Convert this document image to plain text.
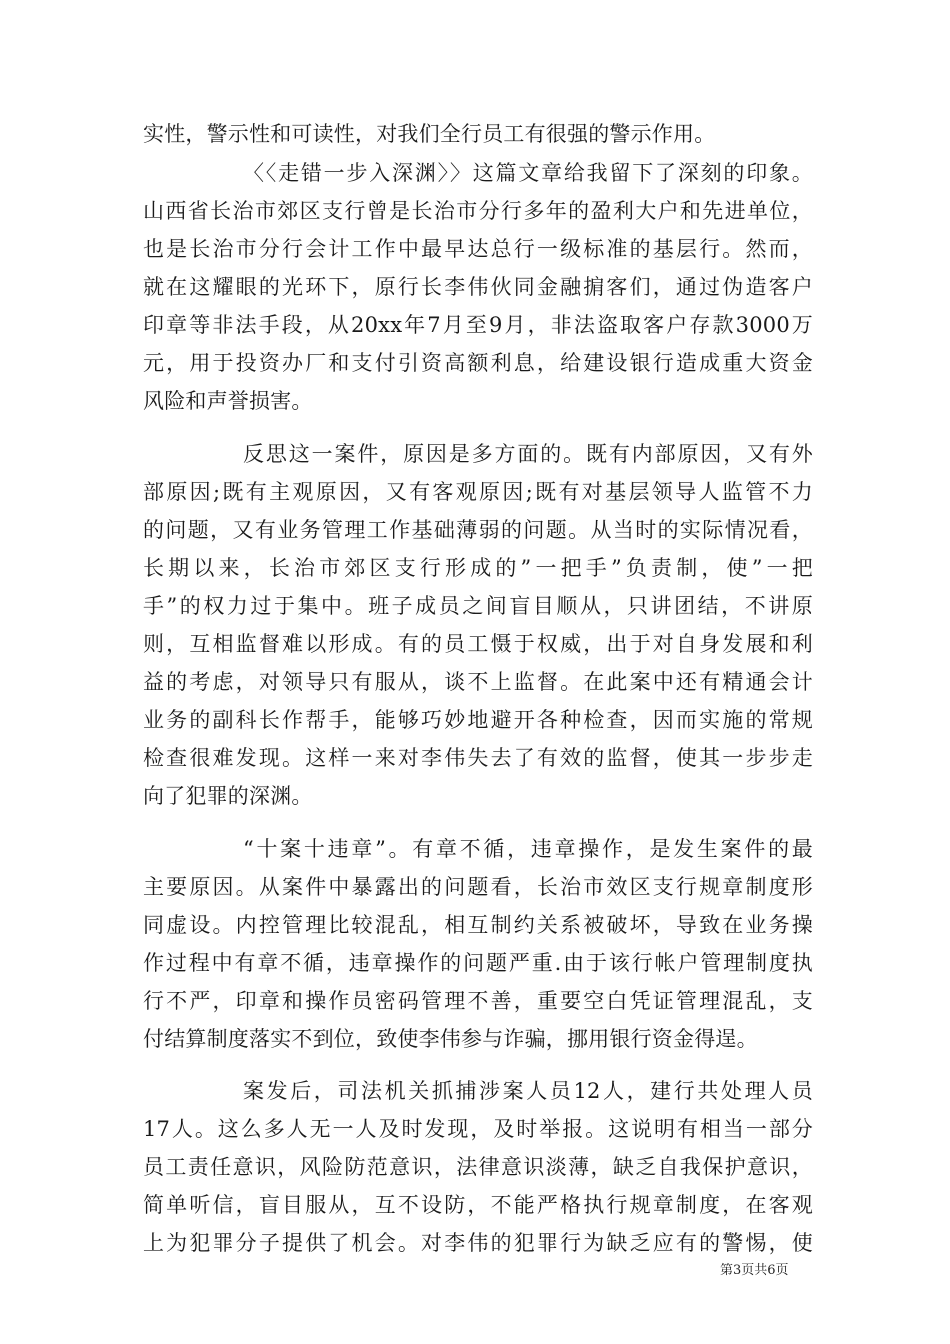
实性，警示性和可读性，对我们全行员工有很强的警示作用。
〈〈走错一步入深渊〉〉这篇文章给我留下了深刻的印象。
山西省长治市郊区支行曾是长治市分行多年的盈利大户和先进单位，
也是长治市分行会计工作中最早达总行一级标准的基层行。然而，
就在这耀眼的光环下，原行长李伟伙同金融掮客们，通过伪造客户
印章等非法手段，从20xx年7月至9月，非法盗取客户存款3000万
元，用于投资办厂和支付引资高额利息，给建设银行造成重大资金
风险和声誉损害。
反思这一案件，原因是多方面的。既有内部原因，又有外
部原因;既有主观原因，又有客观原因;既有对基层领导人监管不力
的问题，又有业务管理工作基础薄弱的问题。从当时的实际情况看，
长期以来，长治市郊区支行形成的”一把手”负责制，使”一把
手”的权力过于集中。班子成员之间盲目顺从，只讲团结，不讲原
则，互相监督难以形成。有的员工慑于权威，出于对自身发展和利
益的考虑，对领导只有服从，谈不上监督。在此案中还有精通会计
业务的副科长作帮手，能够巧妙地避开各种检查，因而实施的常规
检查很难发现。这样一来对李伟失去了有效的监督，使其一步步走
向了犯罪的深渊。
“十案十违章”。有章不循，违章操作，是发生案件的最
主要原因。从案件中暴露出的问题看，长治市效区支行规章制度形
同虚设。内控管理比较混乱，相互制约关系被破坏，导致在业务操
作过程中有章不循，违章操作的问题严重.由于该行帐户管理制度执
行不严，印章和操作员密码管理不善，重要空白凭证管理混乱，支
付结算制度落实不到位，致使李伟参与诈骗，挪用银行资金得逞。
案发后，司法机关抓捕涉案人员12人，建行共处理人员
17人。这么多人无一人及时发现，及时举报。这说明有相当一部分
员工责任意识，风险防范意识，法律意识淡薄，缺乏自我保护意识，
简单听信，盲目服从，互不设防，不能严格执行规章制度，在客观
上为犯罪分子提供了机会。对李伟的犯罪行为缺乏应有的警惕，使
第3页共6页
